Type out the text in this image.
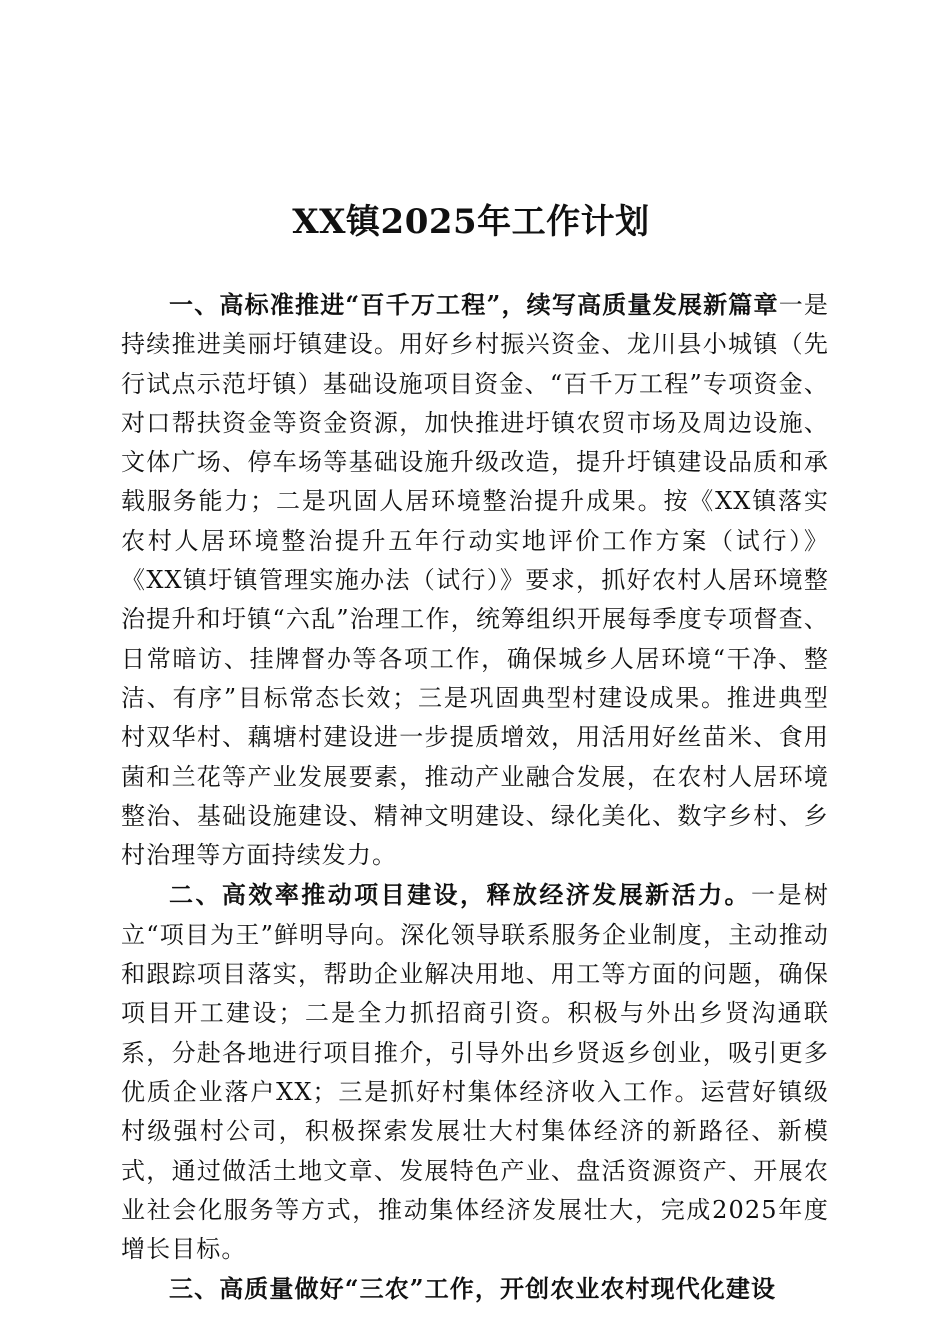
XX镇2025年工作计划

一、高标准推进“百千万工程”，续写高质量发展新篇章一是持续推进美丽圩镇建设。用好乡村振兴资金、龙川县小城镇（先行试点示范圩镇）基础设施项目资金、“百千万工程”专项资金、对口帮扶资金等资金资源，加快推进圩镇农贸市场及周边设施、文体广场、停车场等基础设施升级改造，提升圩镇建设品质和承载服务能力；二是巩固人居环境整治提升成果。按《XX镇落实农村人居环境整治提升五年行动实地评价工作方案（试行）》《XX镇圩镇管理实施办法（试行）》要求，抓好农村人居环境整治提升和圩镇“六乱”治理工作，统筹组织开展每季度专项督查、日常暗访、挂牌督办等各项工作，确保城乡人居环境“干净、整洁、有序”目标常态长效；三是巩固典型村建设成果。推进典型村双华村、藕塘村建设进一步提质增效，用活用好丝苗米、食用菌和兰花等产业发展要素，推动产业融合发展，在农村人居环境整治、基础设施建设、精神文明建设、绿化美化、数字乡村、乡村治理等方面持续发力。

二、高效率推动项目建设，释放经济发展新活力。一是树立“项目为王”鲜明导向。深化领导联系服务企业制度，主动推动和跟踪项目落实，帮助企业解决用地、用工等方面的问题，确保项目开工建设；二是全力抓招商引资。积极与外出乡贤沟通联系，分赴各地进行项目推介，引导外出乡贤返乡创业，吸引更多优质企业落户XX；三是抓好村集体经济收入工作。运营好镇级村级强村公司，积极探索发展壮大村集体经济的新路径、新模式，通过做活土地文章、发展特色产业、盘活资源资产、开展农业社会化服务等方式，推动集体经济发展壮大，完成2025年度增长目标。

三、高质量做好“三农”工作，开创农业农村现代化建设
